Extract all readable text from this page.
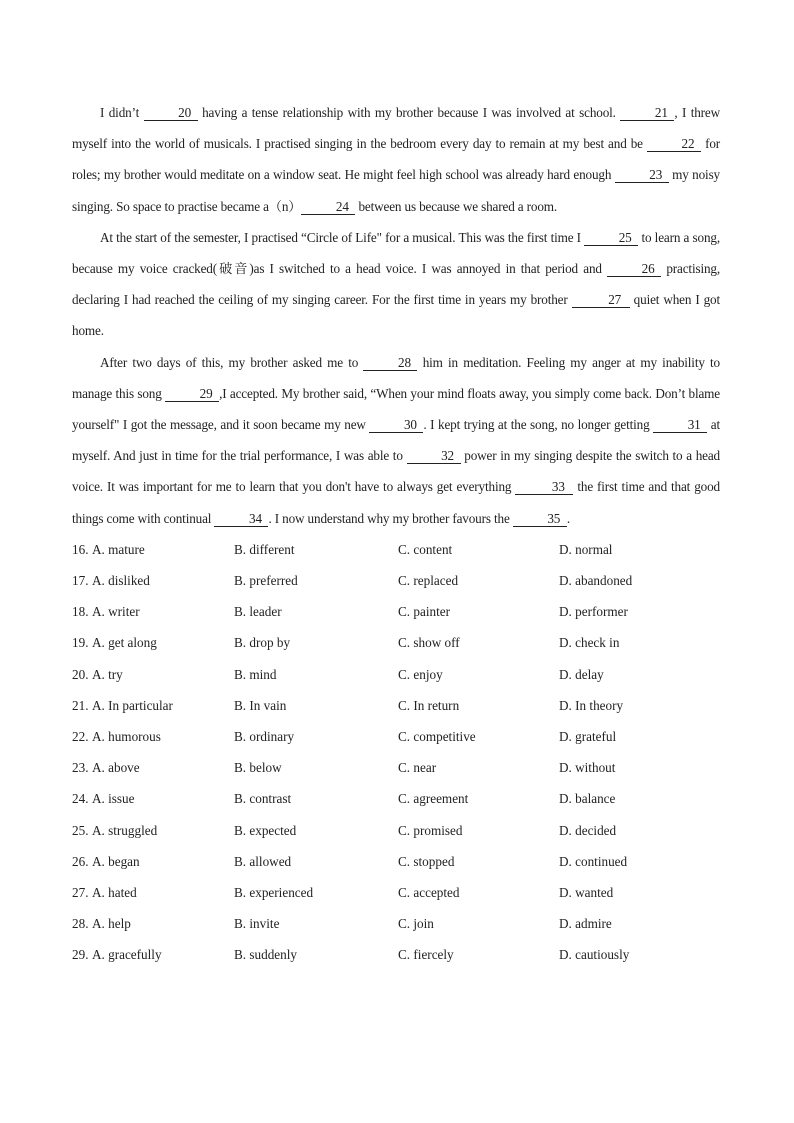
I didn’t	20 having a tense relationship with my brother because I was involved at school.	21 , I threw myself into the world of musicals. I practised singing in the bedroom every day to remain at my best and be	22 for roles; my brother would meditate on a window seat. He might feel high school was already hard enough	23 my noisy singing. So space to practise became a（n）	24 between us because we shared a room.

At the start of the semester, I practised “Circle of Life" for a musical. This was the first time I	25 to learn a song, because my voice cracked(破音)as I switched to a head voice. I was annoyed in that period and	26 practising, declaring I had reached the ceiling of my singing career. For the first time in years my brother	27 quiet when I got home.

After two days of this, my brother asked me to	28 him in meditation. Feeling my anger at my inability to manage this song	29 ,I accepted. My brother said, “When your mind floats away, you simply come back. Don’t blame yourself" I got the message, and it soon became my new	30 . I kept trying at the song, no longer getting	31 at myself. And just in time for the trial performance, I was able to	32 power in my singing despite the switch to a head voice. It was important for me to learn that you don't have to always get everything	33 the first time and that good things come with continual	34 . I now understand why my brother favours the	35 .

16. A. mature	B. different	C. content	D. normal
17. A. disliked	B. preferred	C. replaced	D. abandoned
18. A. writer	B. leader	C. painter	D. performer
19. A. get along	B. drop by	C. show off	D. check in
20. A. try	B. mind	C. enjoy	D. delay
21. A. In particular	B. In vain	C. In return	D. In theory
22. A. humorous	B. ordinary	C. competitive	D. grateful
23. A. above	B. below	C. near	D. without
24. A. issue	B. contrast	C. agreement	D. balance
25. A. struggled	B. expected	C. promised	D. decided
26. A. began	B. allowed	C. stopped	D. continued
27. A. hated	B. experienced	C. accepted	D. wanted
28. A. help	B. invite	C. join	D. admire
29. A. gracefully	B. suddenly	C. fiercely	D. cautiously
